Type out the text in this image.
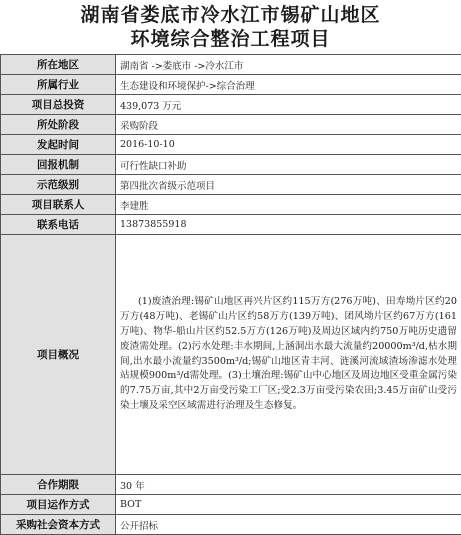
湖南省娄底市冷水江市锡矿山地区
环境综合整治工程项目
所在地区	湖南省 ->娄底市 ->冷水江市
所属行业	生态建设和环境保护->综合治理
项目总投资	439,073 万元
所处阶段	采购阶段
发起时间	2016-10-10
回报机制	可行性缺口补助
示范级别	第四批次省级示范项目
项目联系人	李建胜
联系电话	13873855918
项目概况	(1)废渣治理:锡矿山地区再兴片区约115万方(276万吨)、田寿坳片区约20万方(48万吨)、老锡矿山片区约58万方(139万吨)、团风坳片区约67万方(161万吨)、物华-船山片区约52.5万方(126万吨)及周边区域内约750万吨历史遗留废渣需处理。(2)污水处理:丰水期间,上涵洞出水最大流量约20000m³/d,枯水期间,出水最小流量约3500m³/d;锡矿山地区青丰河、涟溪河流域渣场渗滤水处理站规模900m³/d需处理。(3)土壤治理:锡矿山中心地区及周边地区受重金属污染的7.75万亩,其中2万亩受污染工厂区;受2.3万亩受污染农田;3.45万亩矿山受污染土壤及采空区域需进行治理及生态修复。
合作期限	30 年
项目运作方式	BOT
采购社会资本方式	公开招标
